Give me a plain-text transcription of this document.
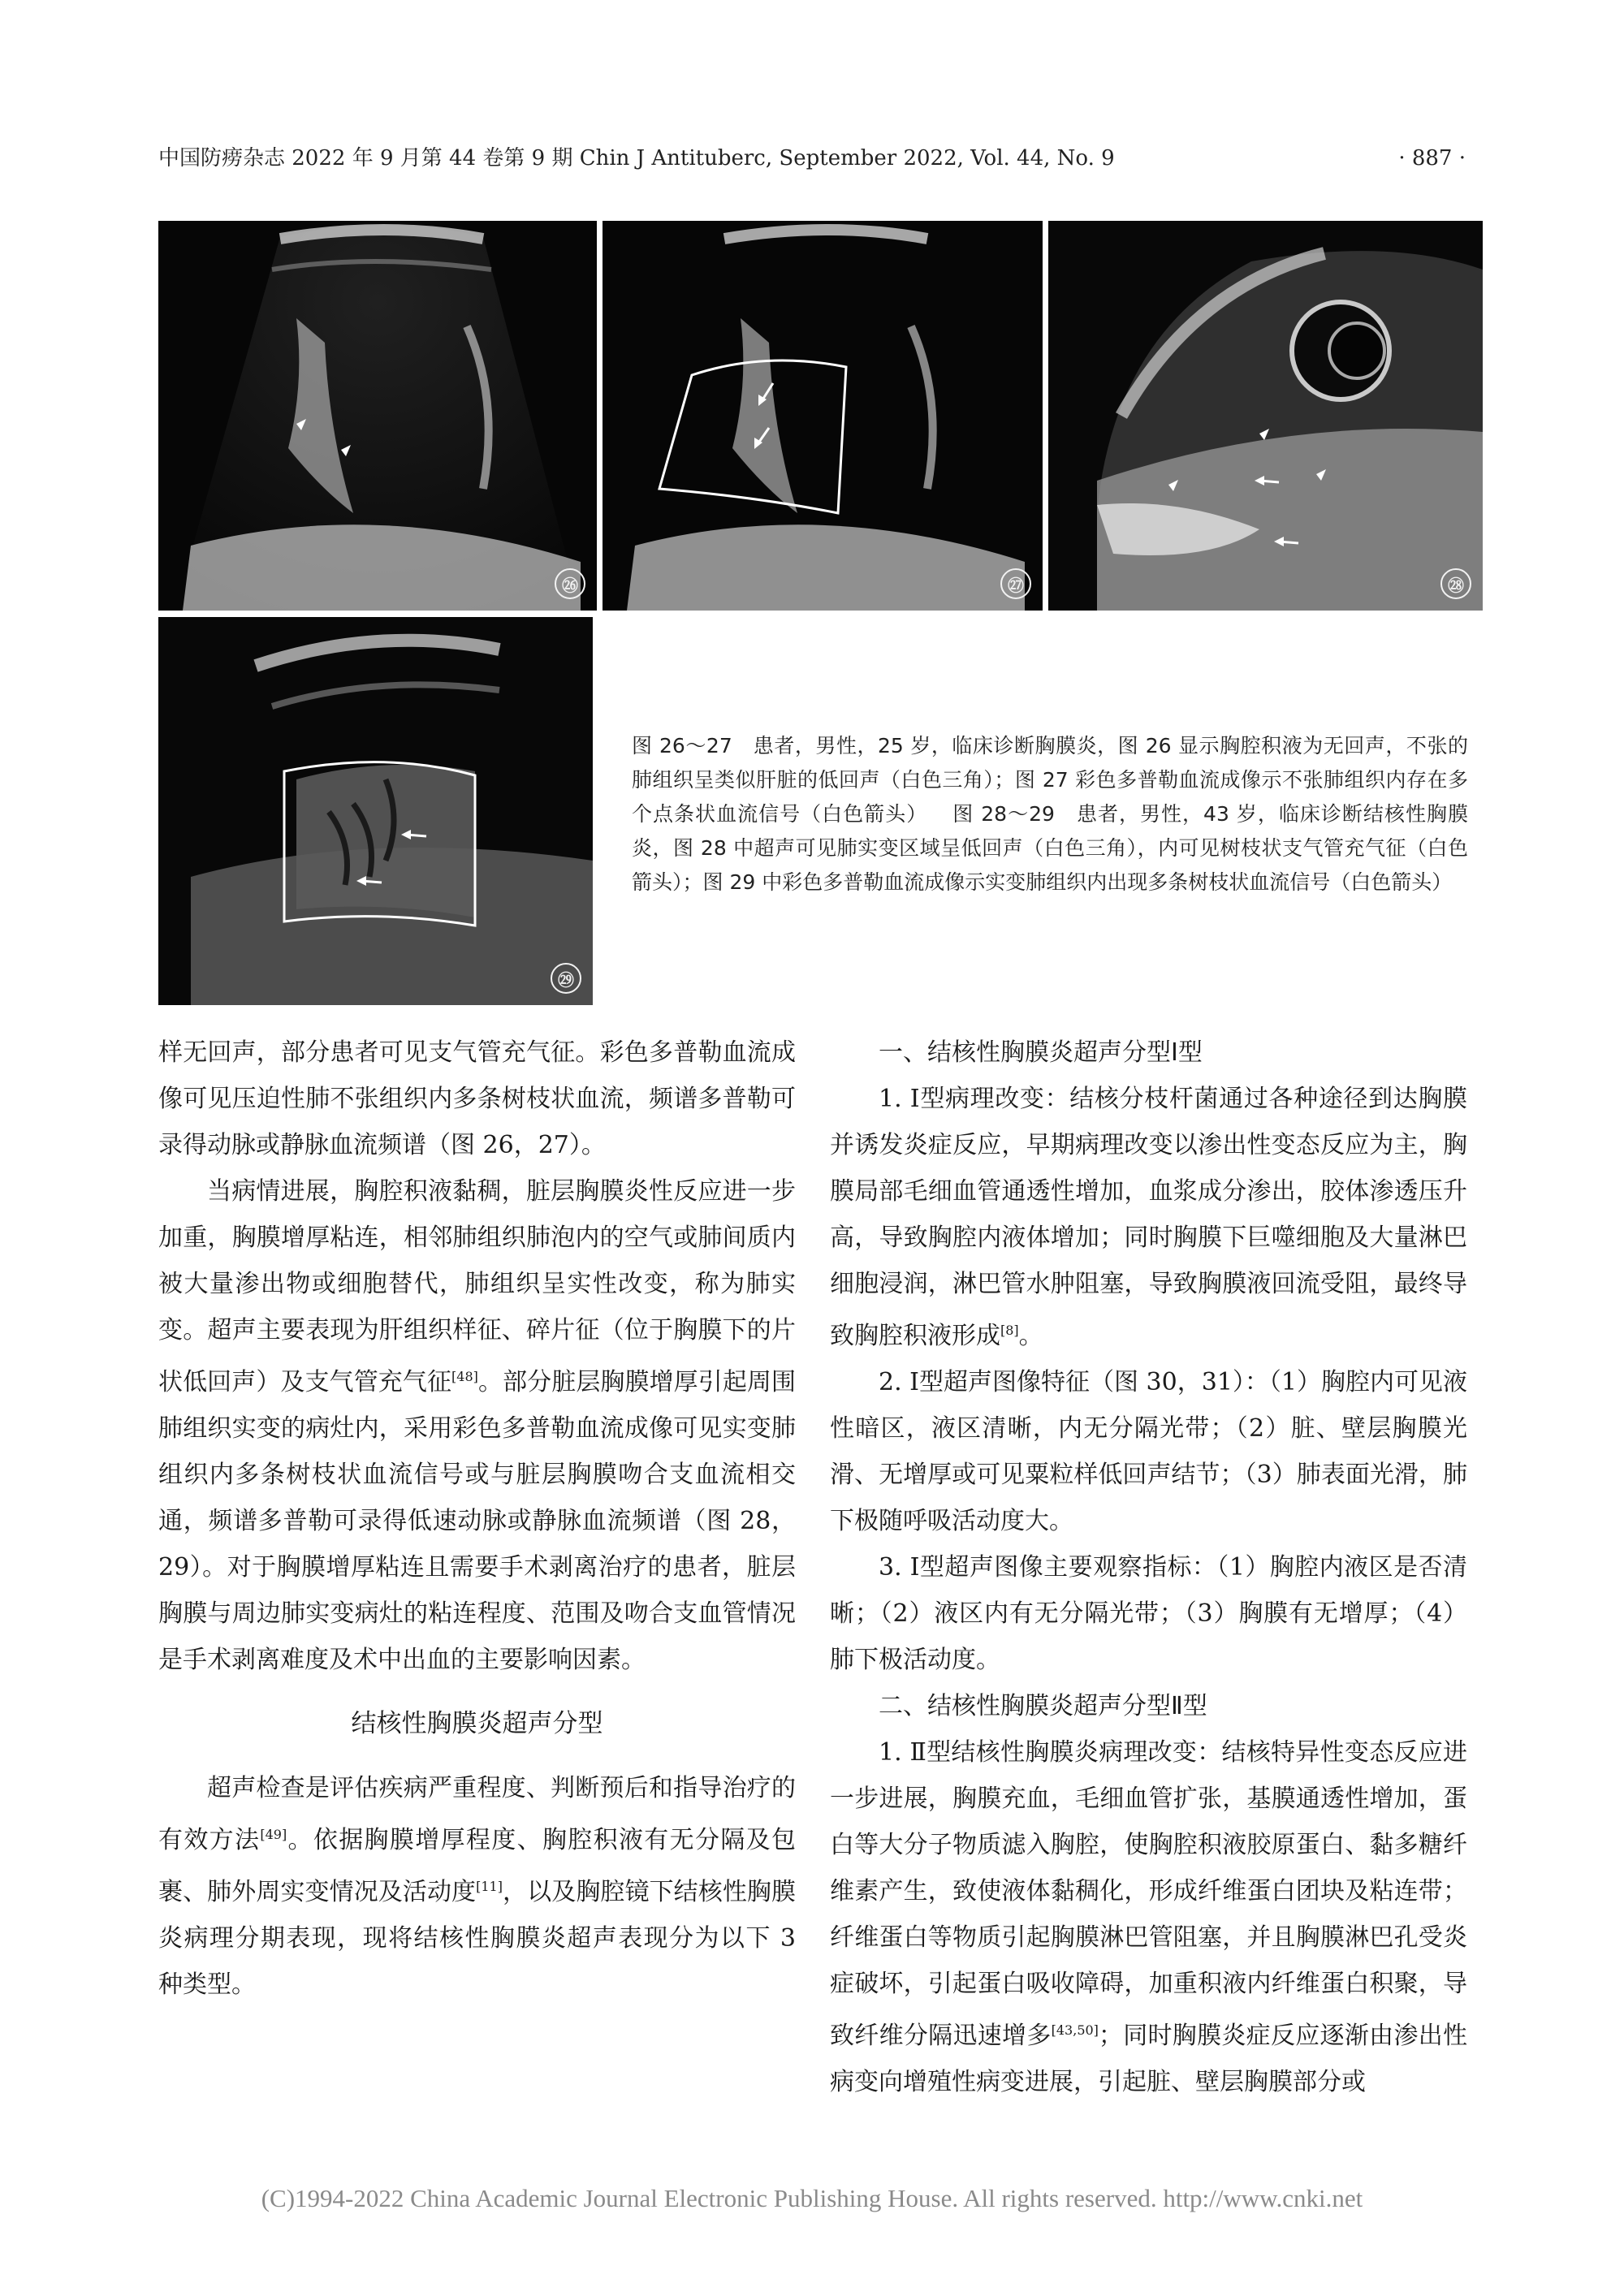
中国防痨杂志 2022 年 9 月第 44 卷第 9 期 Chin J Antituberc, September 2022, Vol. 44, No. 9	· 887 ·
㉖	㉗	㉘
㉙
图 26～27　患者，男性，25 岁，临床诊断胸膜炎，图 26 显示胸腔积液为无回声，不张的肺组织呈类似肝脏的低回声（白色三角）；图 27 彩色多普勒血流成像示不张肺组织内存在多个点条状血流信号（白色箭头） 图 28～29　患者，男性，43 岁，临床诊断结核性胸膜炎，图 28 中超声可见肺实变区域呈低回声（白色三角），内可见树枝状支气管充气征（白色箭头）；图 29 中彩色多普勒血流成像示实变肺组织内出现多条树枝状血流信号（白色箭头）

样无回声，部分患者可见支气管充气征。彩色多普勒血流成像可见压迫性肺不张组织内多条树枝状血流，频谱多普勒可录得动脉或静脉血流频谱（图 26，27）。

当病情进展，胸腔积液黏稠，脏层胸膜炎性反应进一步加重，胸膜增厚粘连，相邻肺组织肺泡内的空气或肺间质内被大量渗出物或细胞替代，肺组织呈实性改变，称为肺实变。超声主要表现为肝组织样征、碎片征（位于胸膜下的片状低回声）及支气管充气征[48]。部分脏层胸膜增厚引起周围肺组织实变的病灶内，采用彩色多普勒血流成像可见实变肺组织内多条树枝状血流信号或与脏层胸膜吻合支血流相交通，频谱多普勒可录得低速动脉或静脉血流频谱（图 28，29）。对于胸膜增厚粘连且需要手术剥离治疗的患者，脏层胸膜与周边肺实变病灶的粘连程度、范围及吻合支血管情况是手术剥离难度及术中出血的主要影响因素。

结核性胸膜炎超声分型

超声检查是评估疾病严重程度、判断预后和指导治疗的有效方法[49]。依据胸膜增厚程度、胸腔积液有无分隔及包裹、肺外周实变情况及活动度[11]，以及胸腔镜下结核性胸膜炎病理分期表现，现将结核性胸膜炎超声表现分为以下 3 种类型。

一、结核性胸膜炎超声分型Ⅰ型

1. Ⅰ型病理改变：结核分枝杆菌通过各种途径到达胸膜并诱发炎症反应，早期病理改变以渗出性变态反应为主，胸膜局部毛细血管通透性增加，血浆成分渗出，胶体渗透压升高，导致胸腔内液体增加；同时胸膜下巨噬细胞及大量淋巴细胞浸润，淋巴管水肿阻塞，导致胸膜液回流受阻，最终导致胸腔积液形成[8]。

2. Ⅰ型超声图像特征（图 30，31）：（1）胸腔内可见液性暗区，液区清晰，内无分隔光带；（2）脏、壁层胸膜光滑、无增厚或可见粟粒样低回声结节；（3）肺表面光滑，肺下极随呼吸活动度大。

3. Ⅰ型超声图像主要观察指标：（1）胸腔内液区是否清晰；（2）液区内有无分隔光带；（3）胸膜有无增厚；（4）肺下极活动度。

二、结核性胸膜炎超声分型Ⅱ型

1. Ⅱ型结核性胸膜炎病理改变：结核特异性变态反应进一步进展，胸膜充血，毛细血管扩张，基膜通透性增加，蛋白等大分子物质滤入胸腔，使胸腔积液胶原蛋白、黏多糖纤维素产生，致使液体黏稠化，形成纤维蛋白团块及粘连带；纤维蛋白等物质引起胸膜淋巴管阻塞，并且胸膜淋巴孔受炎症破坏，引起蛋白吸收障碍，加重积液内纤维蛋白积聚，导致纤维分隔迅速增多[43,50]；同时胸膜炎症反应逐渐由渗出性病变向增殖性病变进展，引起脏、壁层胸膜部分或

(C)1994-2022 China Academic Journal Electronic Publishing House. All rights reserved. http://www.cnki.net
